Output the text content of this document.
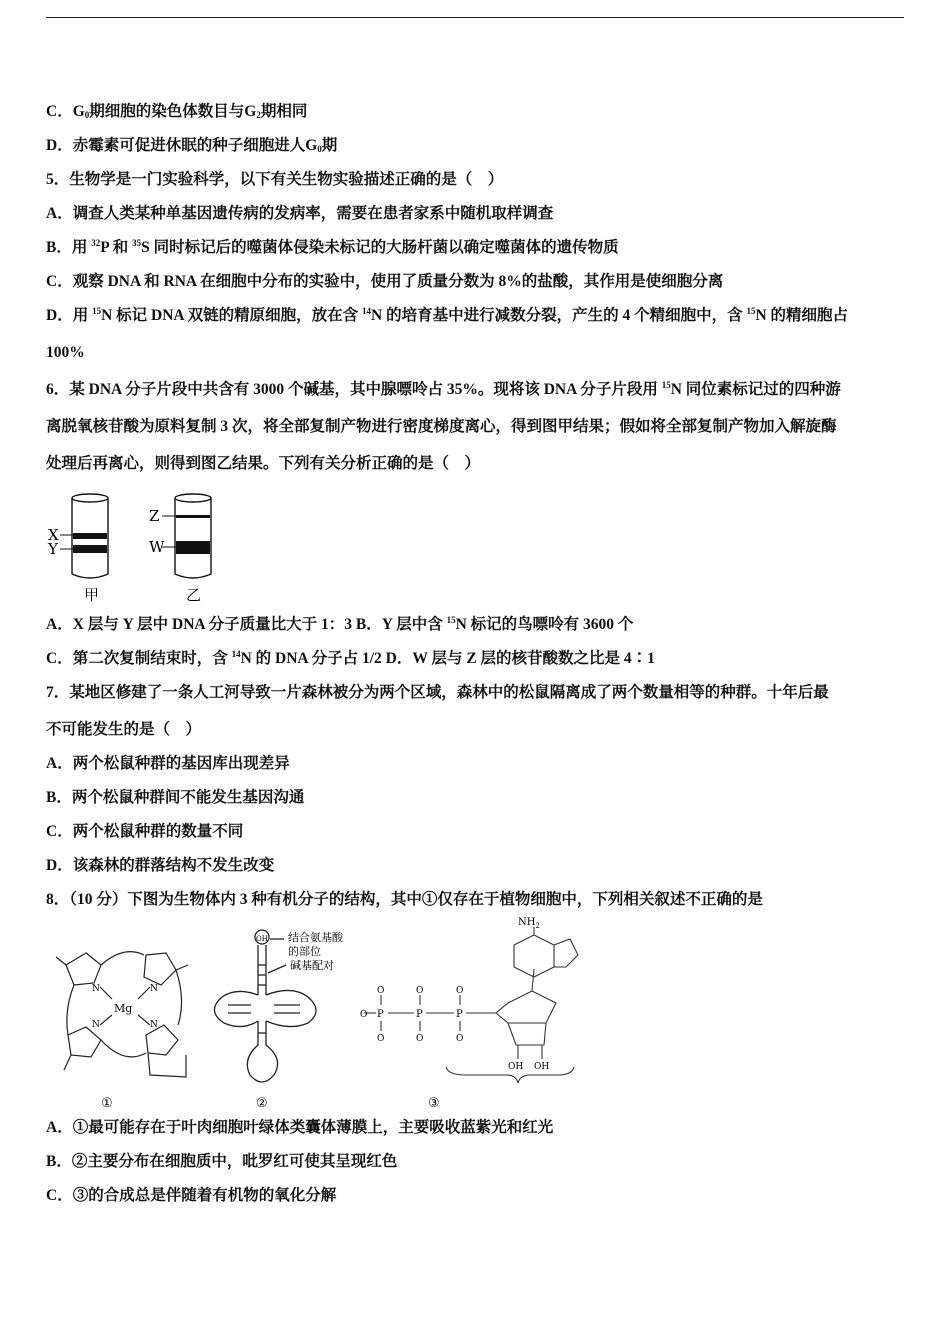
C．$G_0$期细胞的染色体数目与$G_2$期相同
D．赤霉素可促进休眠的种子细胞进人$G_0$期
5．生物学是一门实验科学，以下有关生物实验描述正确的是（　）
A．调查人类某种单基因遗传病的发病率，需要在患者家系中随机取样调查
B．用 $^{32}$P 和 $^{35}$S 同时标记后的噬菌体侵染未标记的大肠杆菌以确定噬菌体的遗传物质
C．观察 DNA 和 RNA 在细胞中分布的实验中，使用了质量分数为 8%的盐酸，其作用是使细胞分离
D．用 $^{15}$N 标记 DNA 双链的精原细胞，放在含 $^{14}$N 的培育基中进行减数分裂，产生的 4 个精细胞中，含 $^{15}$N 的精细胞占
100%
6．某 DNA 分子片段中共含有 3000 个碱基，其中腺嘌呤占 35%。现将该 DNA 分子片段用 $^{15}$N 同位素标记过的四种游
离脱氧核苷酸为原料复制 3 次，将全部复制产物进行密度梯度离心，得到图甲结果；假如将全部复制产物加入解旋酶
处理后再离心，则得到图乙结果。下列有关分析正确的是（　）
X
Y
甲
Z
W
乙
A．X 层与 Y 层中 DNA 分子质量比大于 1：3 B．Y 层中含 $^{15}$N 标记的鸟嘌呤有 3600 个
C．第二次复制结束时，含 $^{14}$N 的 DNA 分子占 1/2 D．W 层与 Z 层的核苷酸数之比是 4∶1
7．某地区修建了一条人工河导致一片森林被分为两个区域，森林中的松鼠隔离成了两个数量相等的种群。十年后最
不可能发生的是（　）
A．两个松鼠种群的基因库出现差异
B．两个松鼠种群间不能发生基因沟通
C．两个松鼠种群的数量不同
D．该森林的群落结构不发生改变
8．（10 分）下图为生物体内 3 种有机分子的结构，其中①仅存在于植物细胞中，下列相关叙述不正确的是
Mg
N	N
N	N
①
OH 结合氨基酸
的部位
碱基配对
②
O P
O
O
P
O
O
P
O
O
$NH_2$
OH OH
③
A．①最可能存在于叶肉细胞叶绿体类囊体薄膜上，主要吸收蓝紫光和红光
B．②主要分布在细胞质中，吡罗红可使其呈现红色
C．③的合成总是伴随着有机物的氧化分解
